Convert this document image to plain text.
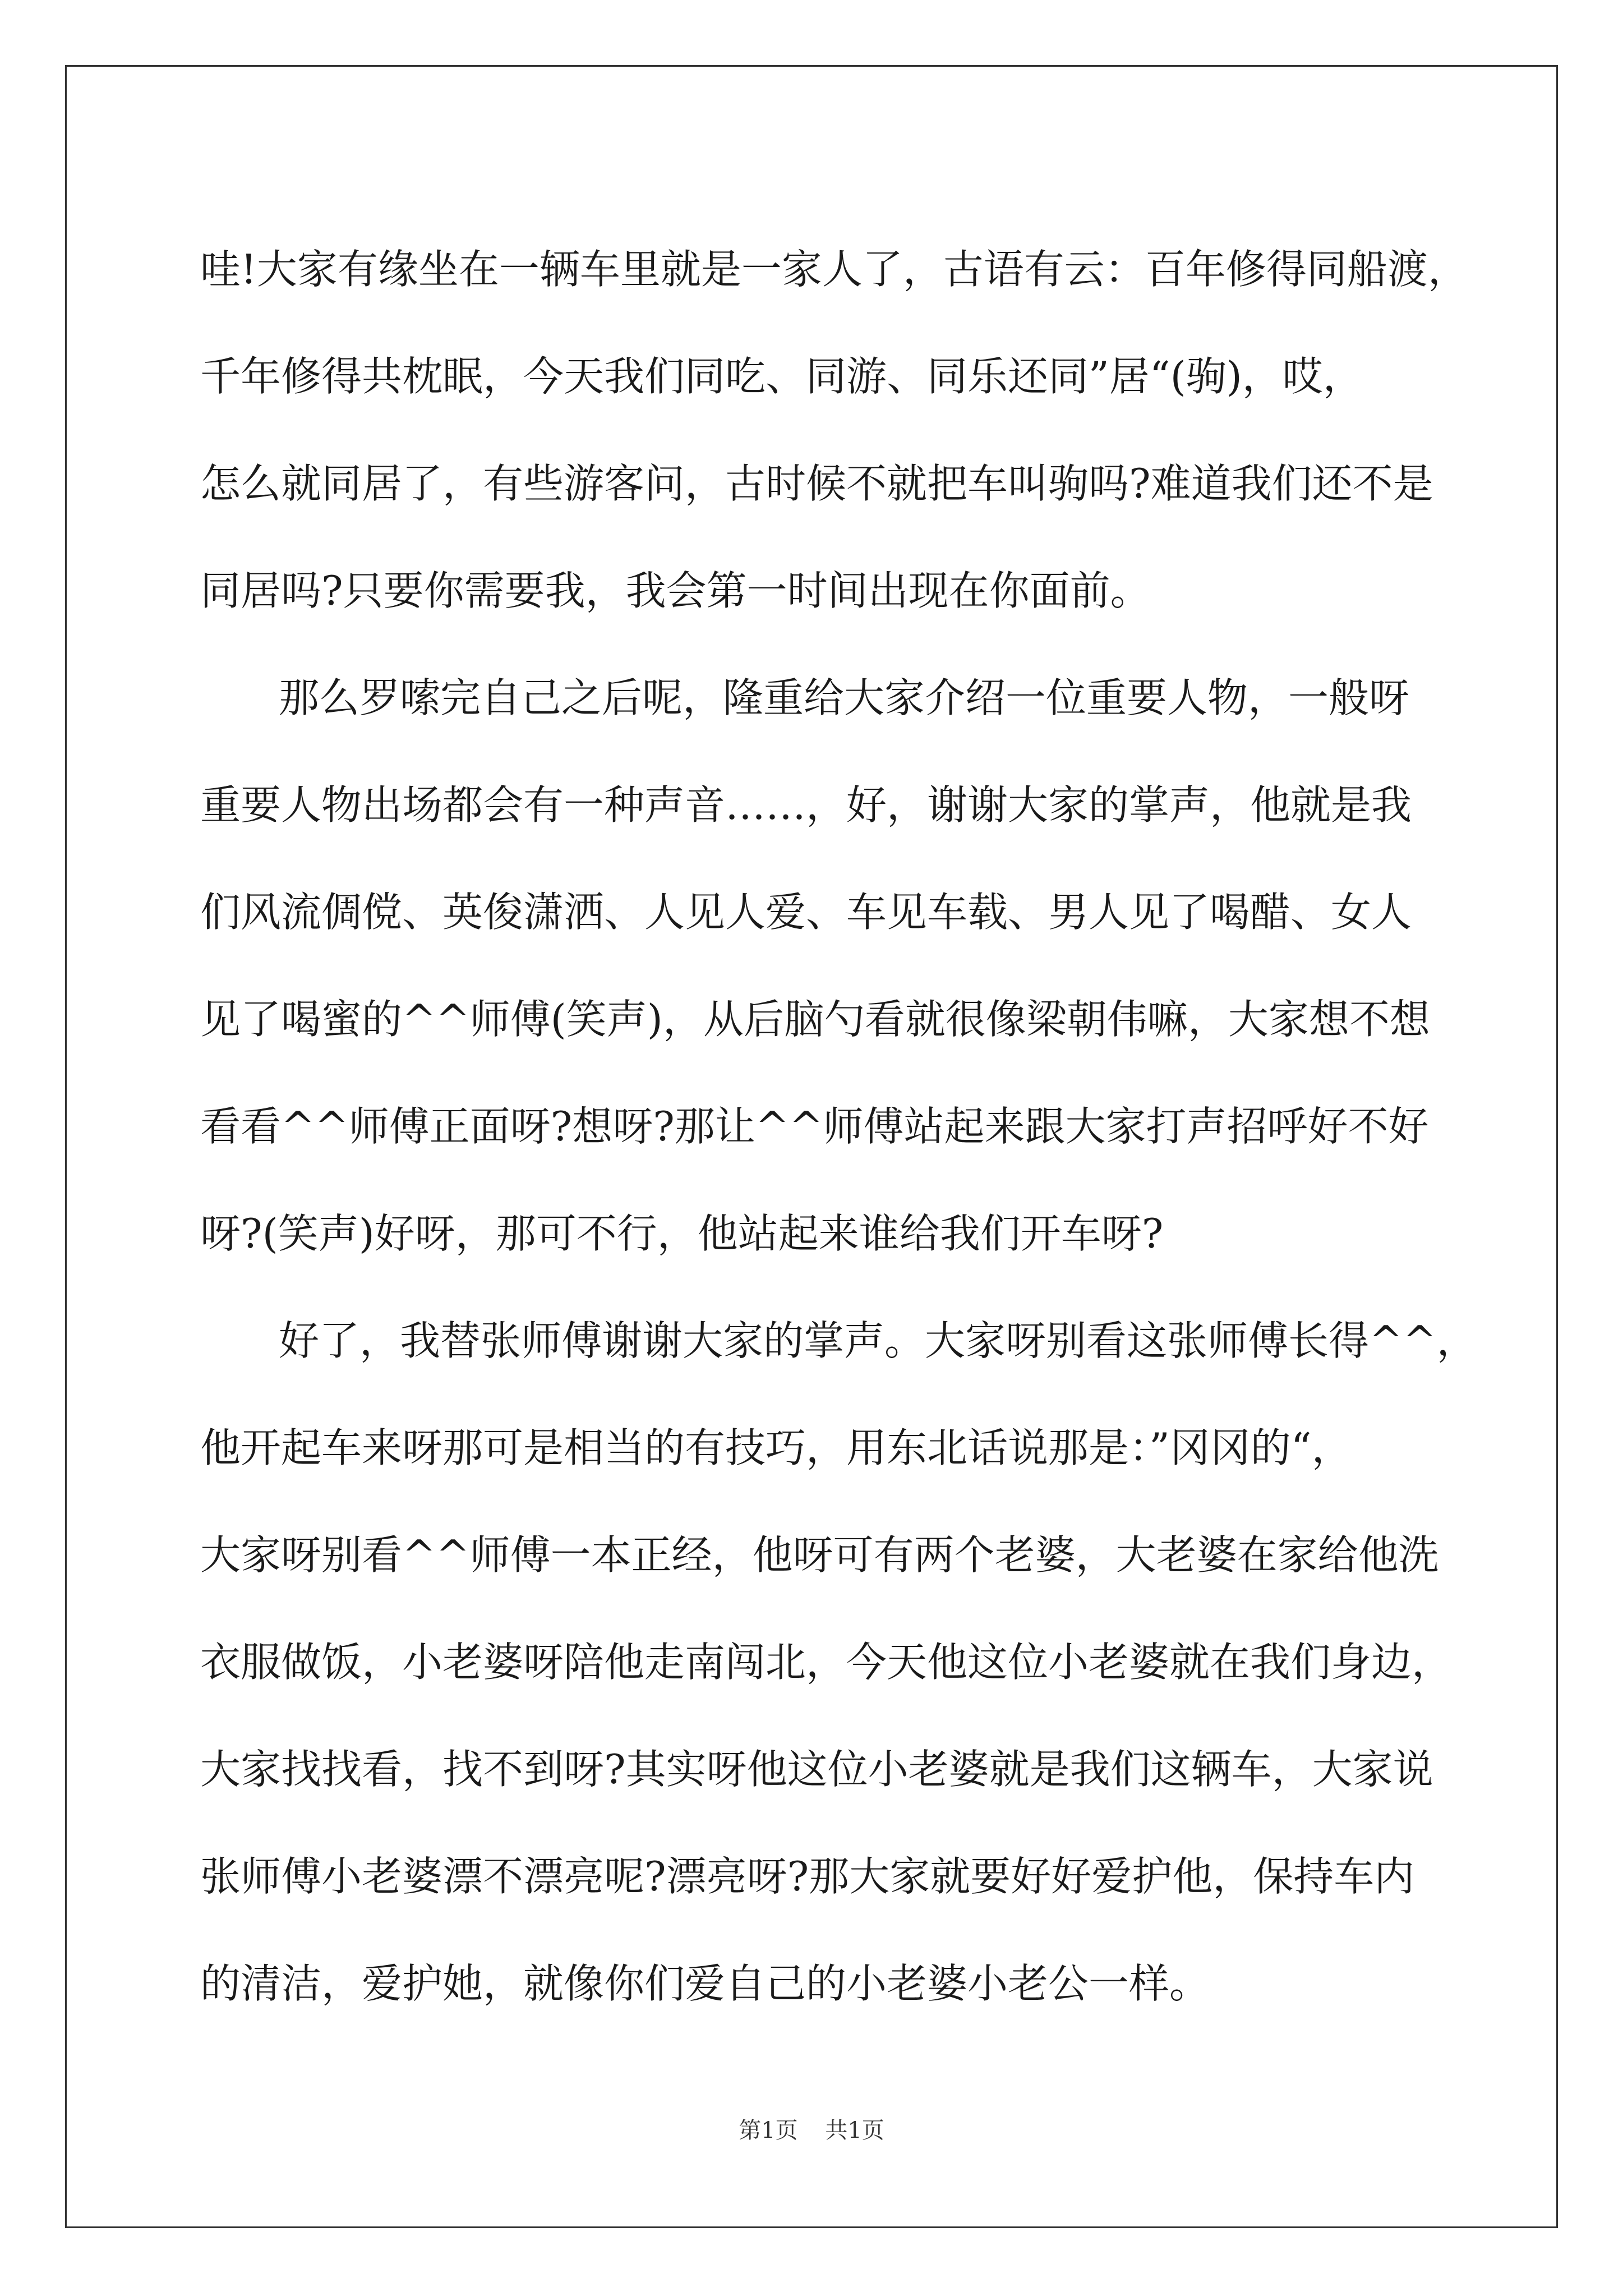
哇!大家有缘坐在一辆车里就是一家人了，古语有云：百年修得同船渡，
千年修得共枕眠，今天我们同吃、同游、同乐还同”居“(驹)，哎，
怎么就同居了，有些游客问，古时候不就把车叫驹吗?难道我们还不是
同居吗?只要你需要我，我会第一时间出现在你面前。
那么罗嗦完自己之后呢，隆重给大家介绍一位重要人物，一般呀
重要人物出场都会有一种声音……，好，谢谢大家的掌声，他就是我
们风流倜傥、英俊潇洒、人见人爱、车见车载、男人见了喝醋、女人
见了喝蜜的^^师傅(笑声)，从后脑勺看就很像梁朝伟嘛，大家想不想
看看^^师傅正面呀?想呀?那让^^师傅站起来跟大家打声招呼好不好
呀?(笑声)好呀，那可不行，他站起来谁给我们开车呀?
好了，我替张师傅谢谢大家的掌声。大家呀别看这张师傅长得^^，
他开起车来呀那可是相当的有技巧，用东北话说那是：”冈冈的“，
大家呀别看^^师傅一本正经，他呀可有两个老婆，大老婆在家给他洗
衣服做饭，小老婆呀陪他走南闯北，今天他这位小老婆就在我们身边，
大家找找看，找不到呀?其实呀他这位小老婆就是我们这辆车，大家说
张师傅小老婆漂不漂亮呢?漂亮呀?那大家就要好好爱护他，保持车内
的清洁，爱护她，就像你们爱自己的小老婆小老公一样。
第1页 共1页
